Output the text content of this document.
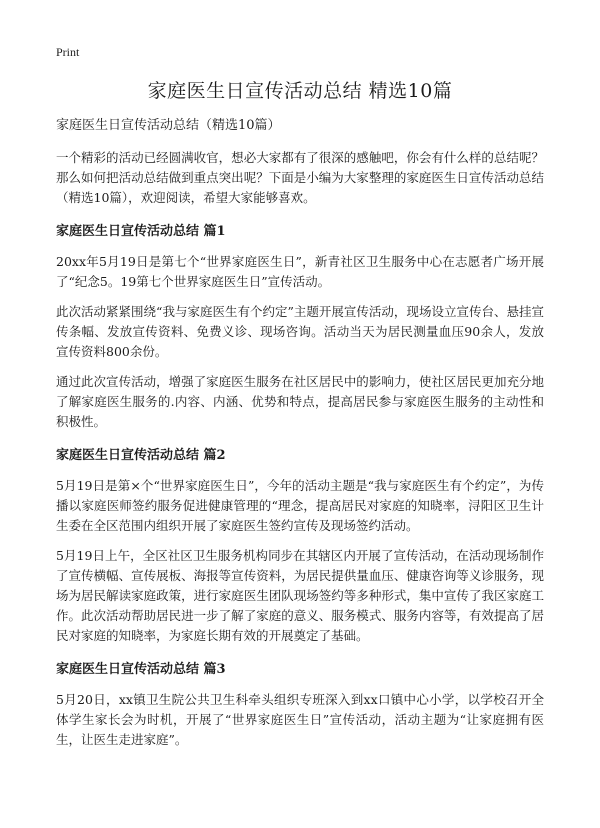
Print
家庭医生日宣传活动总结 精选10篇
家庭医生日宣传活动总结（精选10篇）

一个精彩的活动已经圆满收官，想必大家都有了很深的感触吧，你会有什么样的总结呢？那么如何把活动总结做到重点突出呢？下面是小编为大家整理的家庭医生日宣传活动总结（精选10篇），欢迎阅读，希望大家能够喜欢。

家庭医生日宣传活动总结 篇1

20xx年5月19日是第七个“世界家庭医生日”，新青社区卫生服务中心在志愿者广场开展了“纪念5。19第七个世界家庭医生日”宣传活动。

此次活动紧紧围绕“我与家庭医生有个约定”主题开展宣传活动，现场设立宣传台、悬挂宣传条幅、发放宣传资料、免费义诊、现场咨询。活动当天为居民测量血压90余人，发放宣传资料800余份。

通过此次宣传活动，增强了家庭医生服务在社区居民中的影响力，使社区居民更加充分地了解家庭医生服务的.内容、内涵、优势和特点，提高居民参与家庭医生服务的主动性和积极性。

家庭医生日宣传活动总结 篇2

5月19日是第×个“世界家庭医生日”，今年的活动主题是“我与家庭医生有个约定”，为传播以家庭医师签约服务促进健康管理的“理念，提高居民对家庭的知晓率，浔阳区卫生计生委在全区范围内组织开展了家庭医生签约宣传及现场签约活动。

5月19日上午，全区社区卫生服务机构同步在其辖区内开展了宣传活动，在活动现场制作了宣传横幅、宣传展板、海报等宣传资料，为居民提供量血压、健康咨询等义诊服务，现场为居民解读家庭政策，进行家庭医生团队现场签约等多种形式，集中宣传了我区家庭工作。此次活动帮助居民进一步了解了家庭的意义、服务模式、服务内容等，有效提高了居民对家庭的知晓率，为家庭长期有效的开展奠定了基础。

家庭医生日宣传活动总结 篇3

5月20日，xx镇卫生院公共卫生科牵头组织专班深入到xx口镇中心小学，以学校召开全体学生家长会为时机，开展了“世界家庭医生日”宣传活动，活动主题为“让家庭拥有医生，让医生走进家庭”。
